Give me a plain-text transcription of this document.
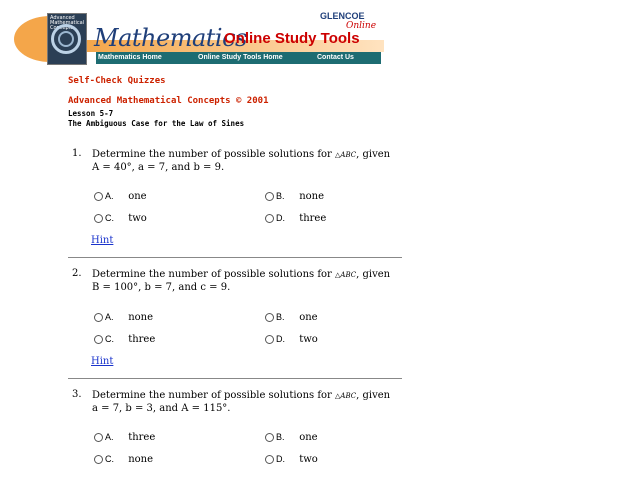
Advanced Mathematical Concepts Mathematics
Online Study Tools
GLENCOE
Online
Mathematics Home	Online Study Tools Home	Contact Us
Self-Check Quizzes
Advanced Mathematical Concepts © 2001
Lesson 5-7
The Ambiguous Case for the Law of Sines
1. Determine the number of possible solutions for △ABC, given
A = 40°, a = 7, and b = 9.
A. one	B. none
C. two	D. three
Hint
2. Determine the number of possible solutions for △ABC, given
B = 100°, b = 7, and c = 9.
A. none	B. one
C. three	D. two
Hint
3. Determine the number of possible solutions for △ABC, given
a = 7, b = 3, and A = 115°.
A. three	B. one
C. none	D. two
